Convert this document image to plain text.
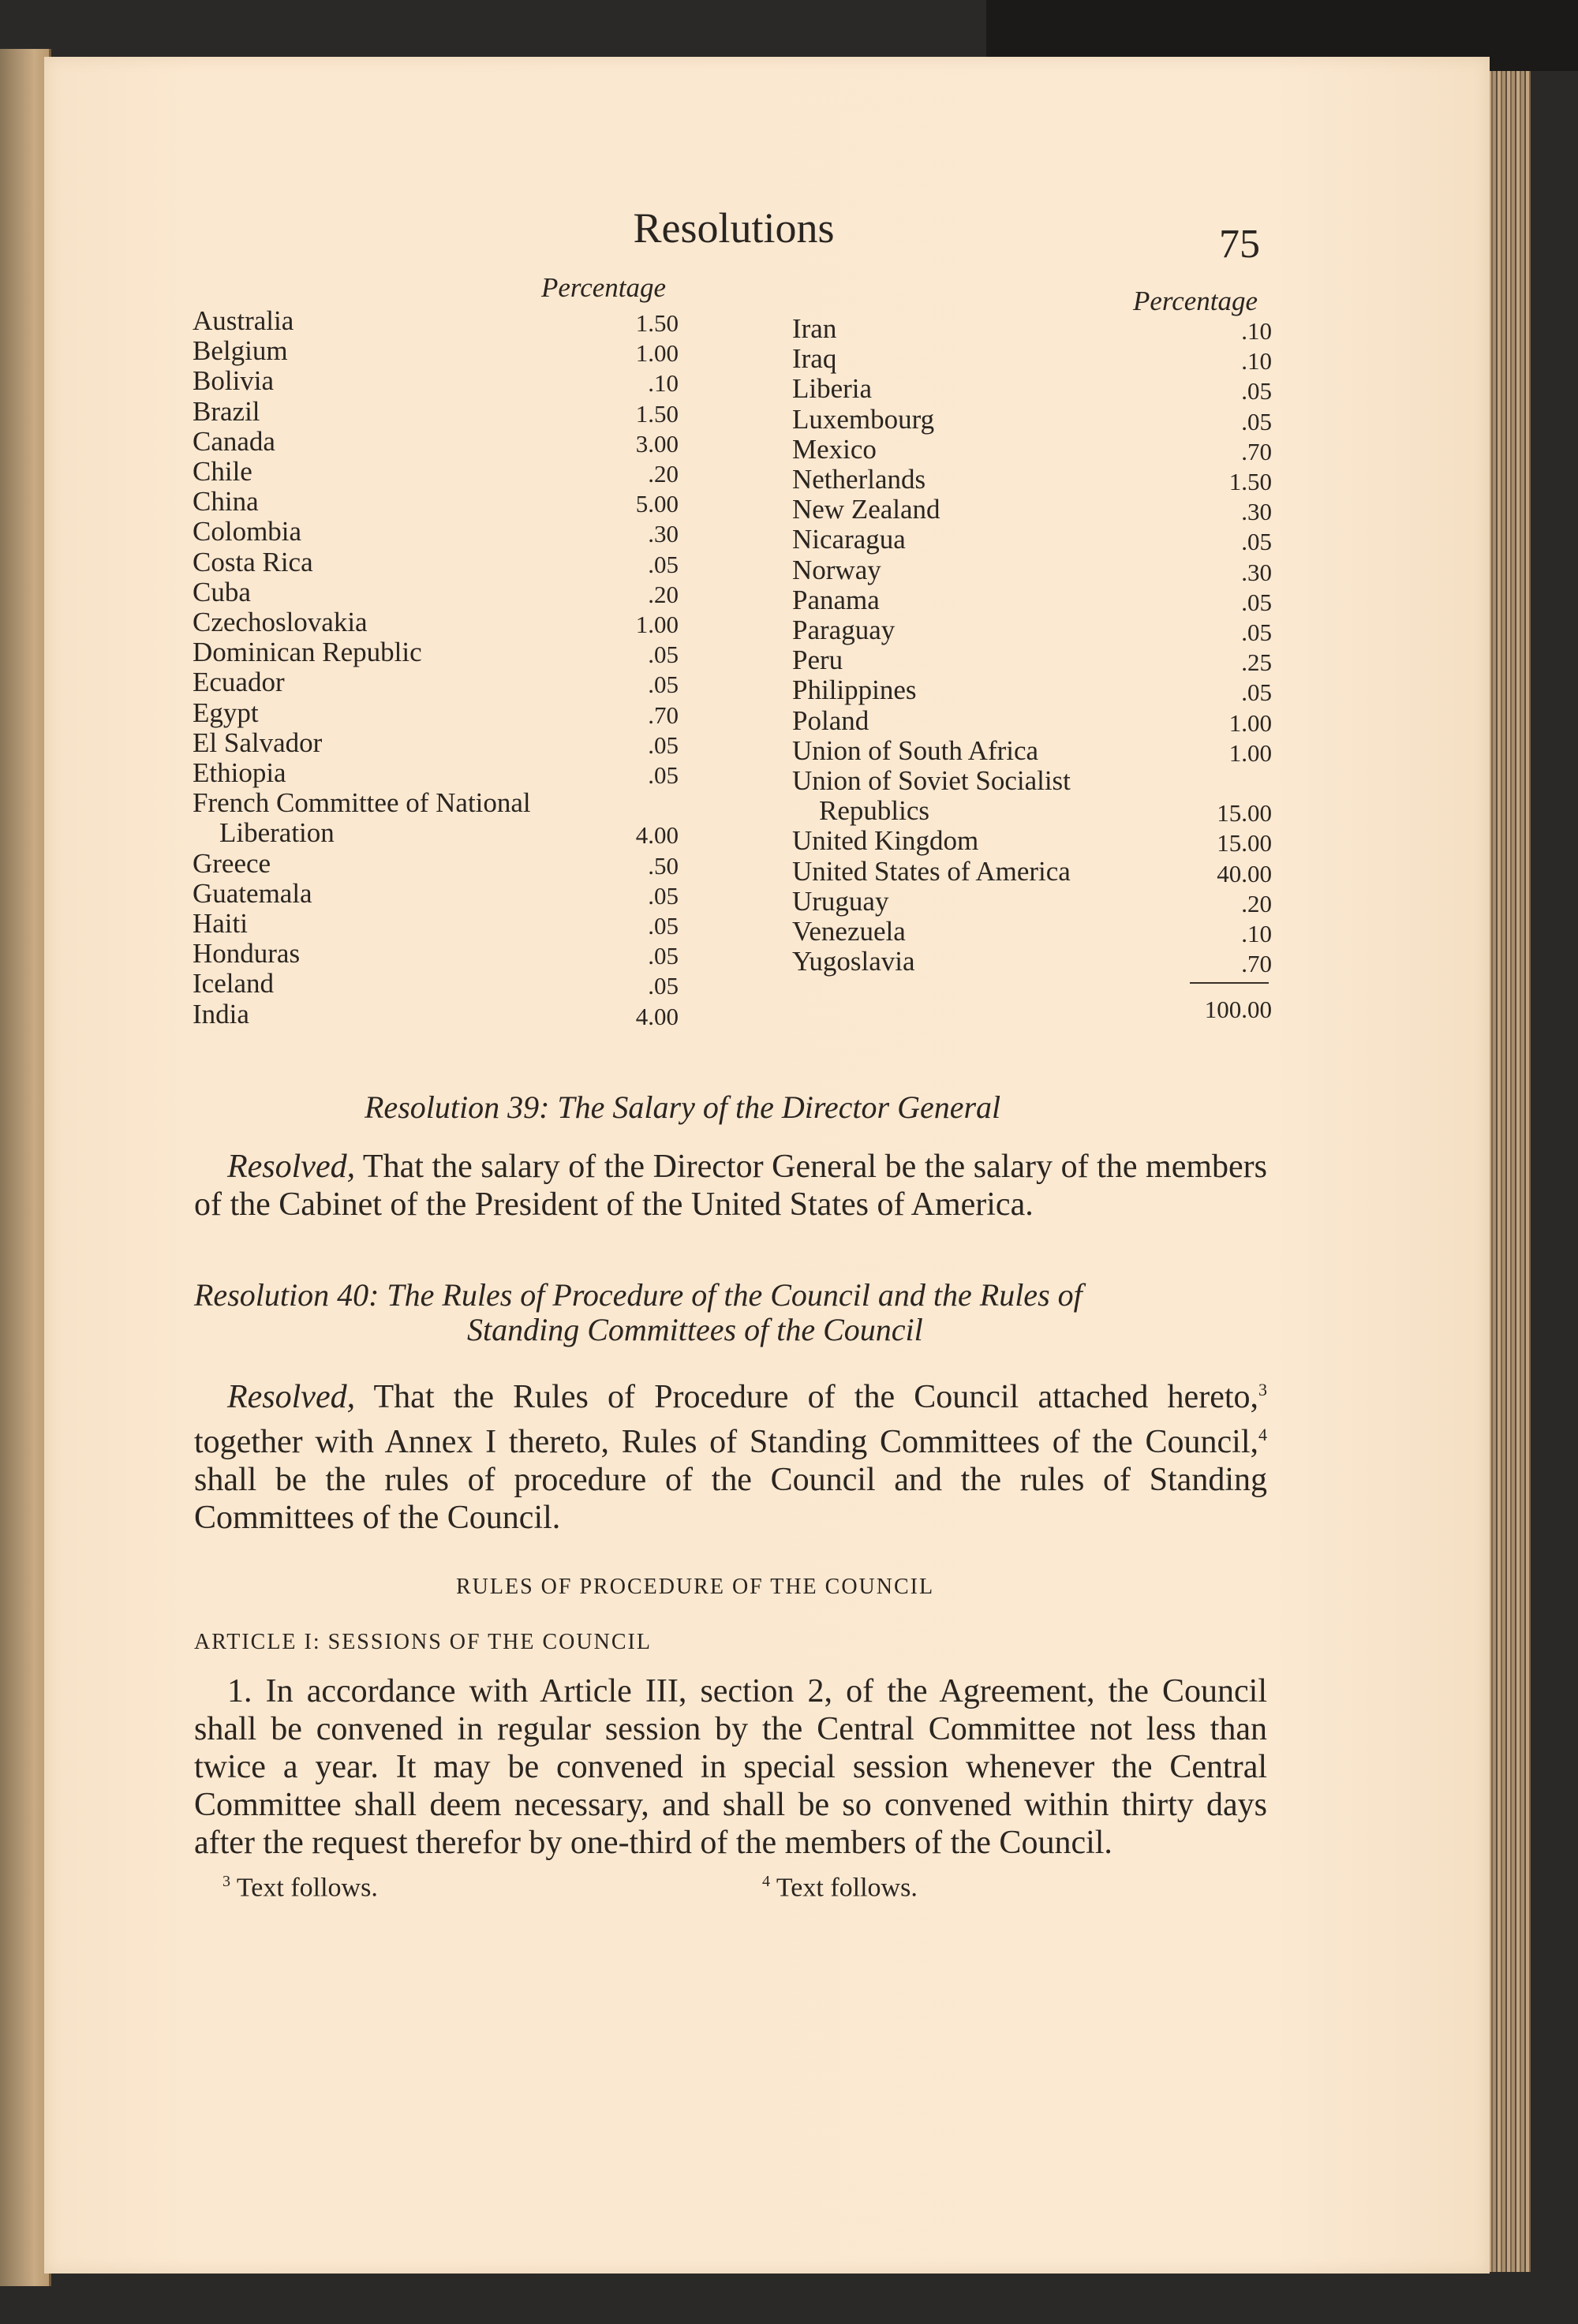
Resolutions	75
Percentage	Percentage
Australia	1.50
Belgium	1.00
Bolivia	.10
Brazil	1.50
Canada	3.00
Chile	.20
China	5.00
Colombia	.30
Costa Rica	.05
Cuba	.20
Czechoslovakia	1.00
Dominican Republic	.05
Ecuador	.05
Egypt	.70
El Salvador	.05
Ethiopia	.05
French Committee of National
Liberation	4.00
Greece	.50
Guatemala	.05
Haiti	.05
Honduras	.05
Iceland	.05
India	4.00
Iran	.10
Iraq	.10
Liberia	.05
Luxembourg	.05
Mexico	.70
Netherlands	1.50
New Zealand	.30
Nicaragua	.05
Norway	.30
Panama	.05
Paraguay	.05
Peru	.25
Philippines	.05
Poland	1.00
Union of South Africa	1.00
Union of Soviet Socialist
Republics	15.00
United Kingdom	15.00
United States of America	40.00
Uruguay	.20
Venezuela	.10
Yugoslavia	.70
100.00
Resolution 39: The Salary of the Director General
Resolved, That the salary of the Director General be the salary of the members of the Cabinet of the President of the United States of America.
Resolution 40: The Rules of Procedure of the Council and the Rules of
Standing Committees of the Council
Resolved, That the Rules of Procedure of the Council attached hereto,$^3$ together with Annex I thereto, Rules of Standing Committees of the Council,$^4$ shall be the rules of procedure of the Council and the rules of Standing Committees of the Council.
RULES OF PROCEDURE OF THE COUNCIL
ARTICLE I: SESSIONS OF THE COUNCIL
1. In accordance with Article III, section 2, of the Agreement, the Council shall be convened in regular session by the Central Committee not less than twice a year. It may be convened in special session whenever the Central Committee shall deem necessary, and shall be so convened within thirty days after the request therefor by one-third of the members of the Council.
$^3$ Text follows.	$^4$ Text follows.
